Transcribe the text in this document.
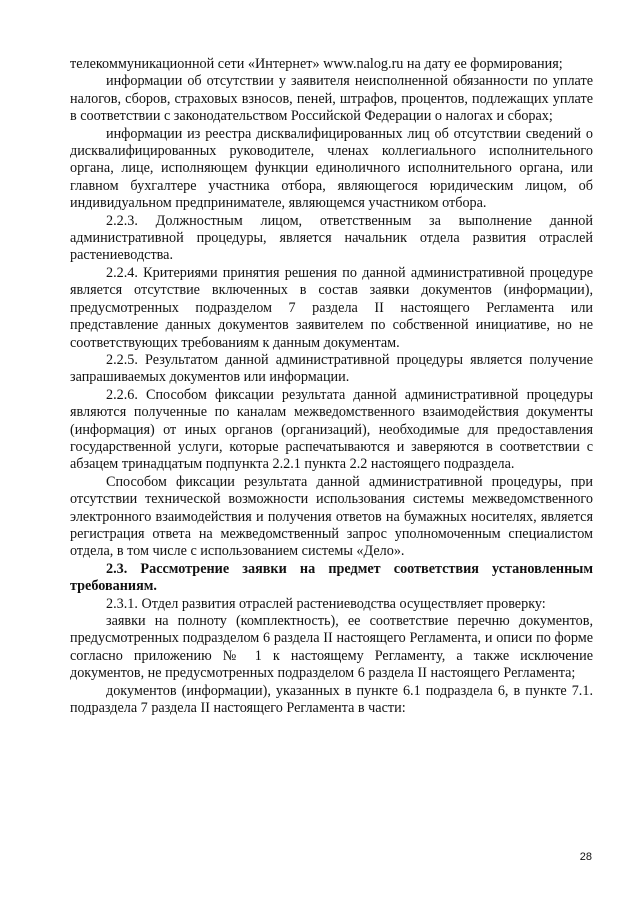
телекоммуникационной сети «Интернет» www.nalog.ru на дату ее формирования;

информации об отсутствии у заявителя неисполненной обязанности по уплате налогов, сборов, страховых взносов, пеней, штрафов, процентов, подлежащих уплате в соответствии с законодательством Российской Федерации о налогах и сборах;

информации из реестра дисквалифицированных лиц об отсутствии сведений о дисквалифицированных руководителе, членах коллегиального исполнительного органа, лице, исполняющем функции единоличного исполнительного органа, или главном бухгалтере участника отбора, являющегося юридическим лицом, об индивидуальном предпринимателе, являющемся участником отбора.

2.2.3. Должностным лицом, ответственным за выполнение данной административной процедуры, является начальник отдела развития отраслей растениеводства.

2.2.4. Критериями принятия решения по данной административной процедуре является отсутствие включенных в состав заявки документов (информации), предусмотренных подразделом 7 раздела II настоящего Регламента или представление данных документов заявителем по собственной инициативе, но не соответствующих требованиям к данным документам.

2.2.5. Результатом данной административной процедуры является получение запрашиваемых документов или информации.

2.2.6. Способом фиксации результата данной административной процедуры являются полученные по каналам межведомственного взаимодействия документы (информация) от иных органов (организаций), необходимые для предоставления государственной услуги, которые распечатываются и заверяются в соответствии с абзацем тринадцатым подпункта 2.2.1 пункта 2.2 настоящего подраздела.

Способом фиксации результата данной административной процедуры, при отсутствии технической возможности использования системы межведомственного электронного взаимодействия и получения ответов на бумажных носителях, является регистрация ответа на межведомственный запрос уполномоченным специалистом отдела, в том числе с использованием системы «Дело».

2.3. Рассмотрение заявки на предмет соответствия установленным требованиям.

2.3.1. Отдел развития отраслей растениеводства осуществляет проверку:

заявки на полноту (комплектность), ее соответствие перечню документов, предусмотренных подразделом 6 раздела II настоящего Регламента, и описи по форме согласно приложению № 1 к настоящему Регламенту, а также исключение документов, не предусмотренных подразделом 6 раздела II настоящего Регламента;

документов (информации), указанных в пункте 6.1 подраздела 6, в пункте 7.1. подраздела 7 раздела II настоящего Регламента в части:

28
